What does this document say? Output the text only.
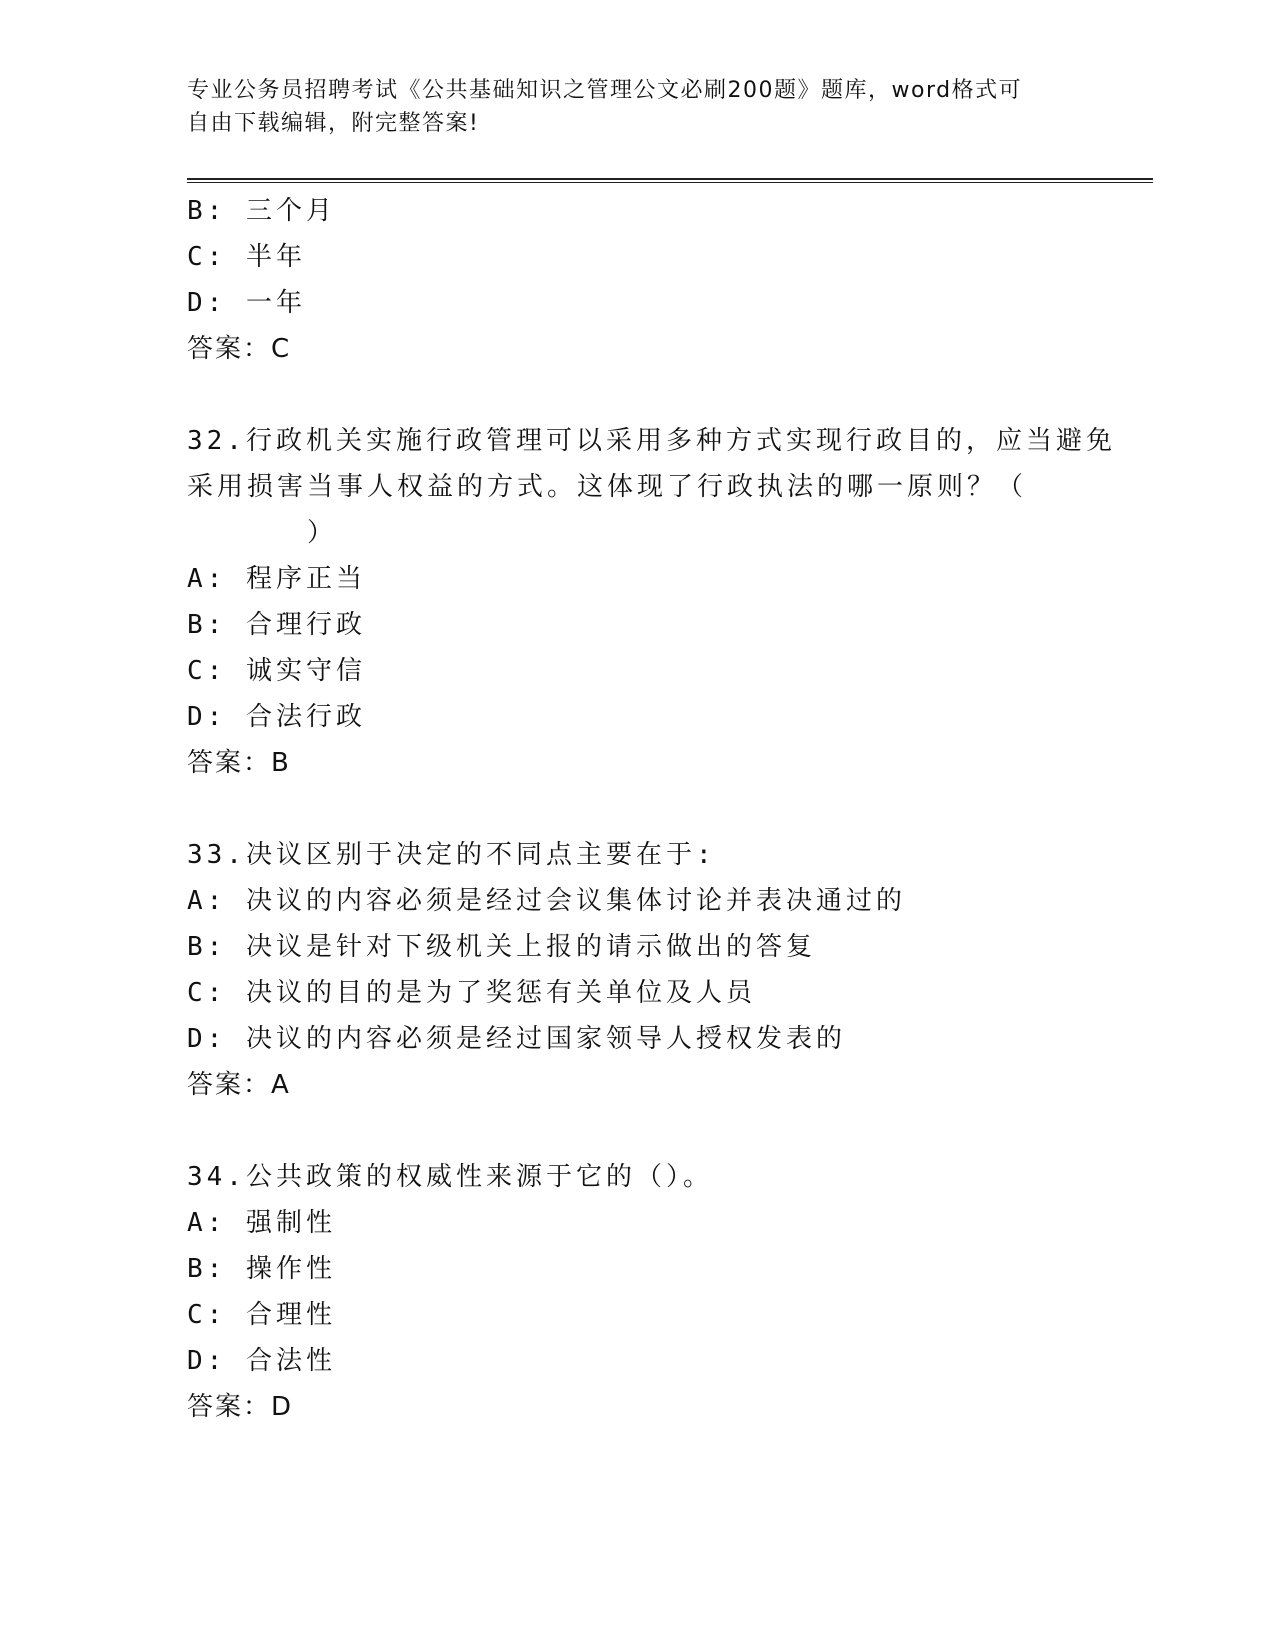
专业公务员招聘考试《公共基础知识之管理公文必刷200题》题库，word格式可
自由下载编辑，附完整答案!
B: 三个月
C: 半年
D: 一年
答案：C
32.行政机关实施行政管理可以采用多种方式实现行政目的，应当避免
采用损害当事人权益的方式。这体现了行政执法的哪一原则？（
）
A: 程序正当
B: 合理行政
C: 诚实守信
D: 合法行政
答案：B
33.决议区别于决定的不同点主要在于:
A: 决议的内容必须是经过会议集体讨论并表决通过的
B: 决议是针对下级机关上报的请示做出的答复
C: 决议的目的是为了奖惩有关单位及人员
D: 决议的内容必须是经过国家领导人授权发表的
答案：A
34.公共政策的权威性来源于它的（）。
A: 强制性
B: 操作性
C: 合理性
D: 合法性
答案：D
